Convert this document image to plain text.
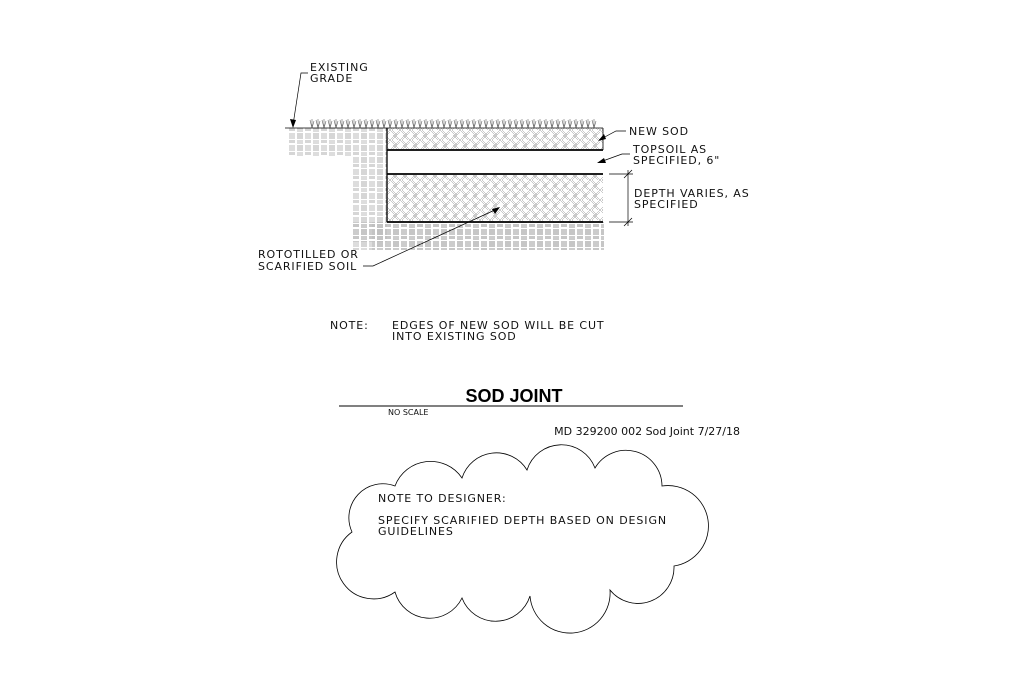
EXISTING
GRADE
NEW SOD
TOPSOIL AS
SPECIFIED, 6"
DEPTH VARIES, AS
SPECIFIED
ROTOTILLED OR
SCARIFIED SOIL
NOTE: EDGES OF NEW SOD WILL BE CUT
INTO EXISTING SOD
SOD JOINT
NO SCALE
MD 329200 002 Sod Joint 7/27/18
NOTE TO DESIGNER:
SPECIFY SCARIFIED DEPTH BASED ON DESIGN
GUIDELINES
